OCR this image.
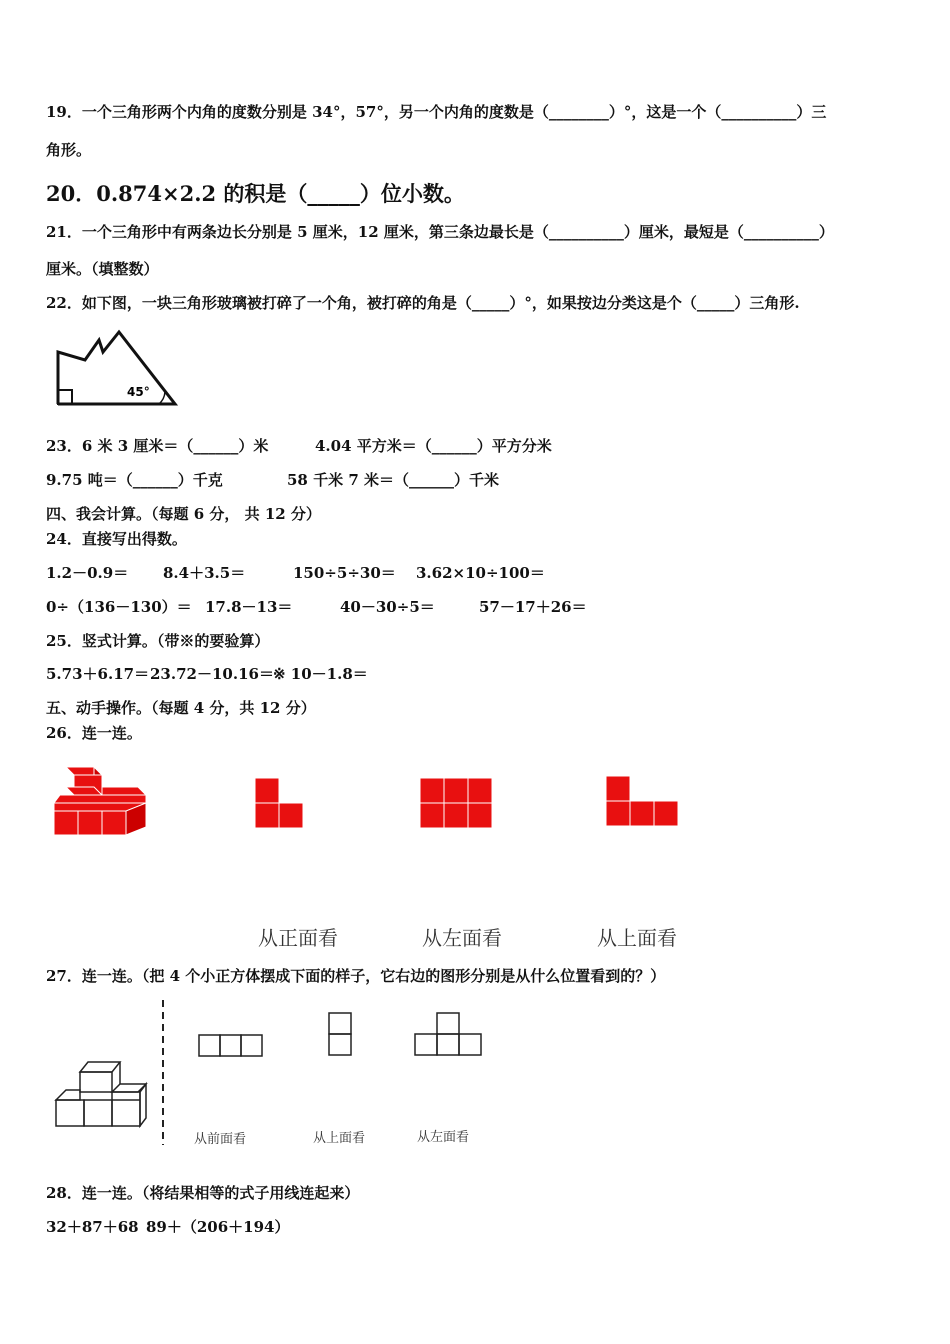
19．一个三角形两个内角的度数分别是 34°，57°，另一个内角的度数是（________）°，这是一个（__________）三
角形。
20．0.874×2.2 的积是（_____）位小数。
21．一个三角形中有两条边长分别是 5 厘米，12 厘米，第三条边最长是（__________）厘米，最短是（__________）
厘米。（填整数）
22．如下图，一块三角形玻璃被打碎了一个角，被打碎的角是（_____）°，如果按边分类这是个（_____）三角形.
45°
23．6 米 3 厘米＝（______）米	4.04 平方米＝（______）平方分米
9.75 吨＝（______）千克	58 千米 7 米＝（______）千米
四、我会计算。（每题 6 分， 共 12 分）
24．直接写出得数。
1.2－0.9＝ 8.4＋3.5＝	150÷5÷30＝ 3.62×10÷100＝
0÷（136－130）＝ 17.8－13＝	40－30÷5＝	57－17＋26＝
25．竖式计算。（带※的要验算）
5.73＋6.17＝ 23.72－10.16＝ ※ 10－1.8＝
五、动手操作。（每题 4 分，共 12 分）
26．连一连。
从正面看	从左面看	从上面看
27．连一连。（把 4 个小正方体摆成下面的样子，它右边的图形分别是从什么位置看到的？）
从前面看	从上面看	从左面看
28．连一连。（将结果相等的式子用线连起来）
32＋87＋68 89＋（206＋194）
